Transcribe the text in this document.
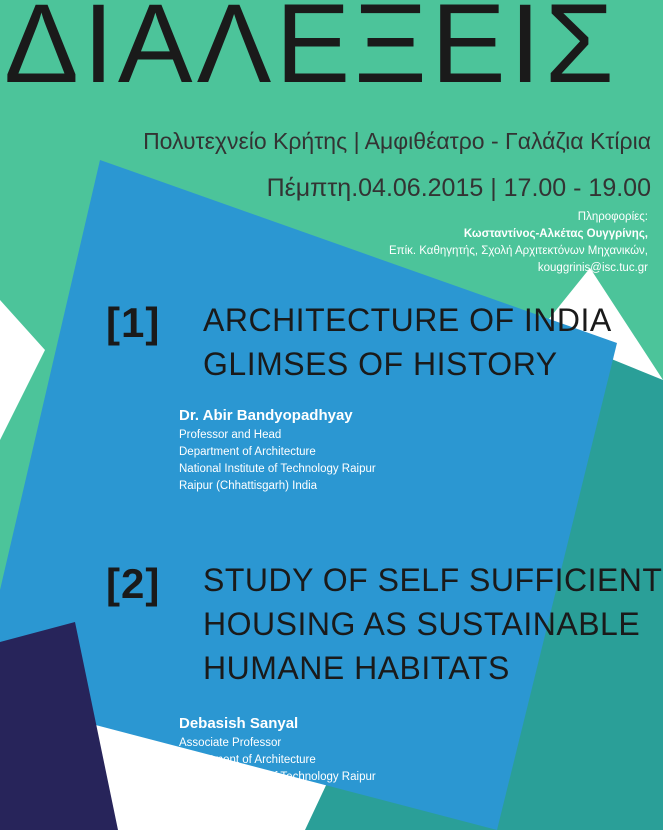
ΔΙΑΛΕΞΕΙΣ
Πολυτεχνείο Κρήτης | Αμφιθέατρο - Γαλάζια Κτίρια
Πέμπτη.04.06.2015 | 17.00 - 19.00
Πληροφορίες:
Κωσταντίνος-Αλκέτας Ουγγρίνης,
Επίκ. Καθηγητής, Σχολή Αρχιτεκτόνων Μηχανικών,
kouggrinis@isc.tuc.gr
[1] ARCHITECTURE OF INDIA
GLIMSES OF HISTORY
Dr. Abir Bandyopadhyay
Professor and Head
Department of Architecture
National Institute of Technology Raipur
Raipur (Chhattisgarh) India
[2] STUDY OF SELF SUFFICIENT
HOUSING AS SUSTAINABLE
HUMANE HABITATS
Debasish Sanyal
Associate Professor
Department of Architecture
National Institute of Technology Raipur
Raipur (Chhattisgarh) India
